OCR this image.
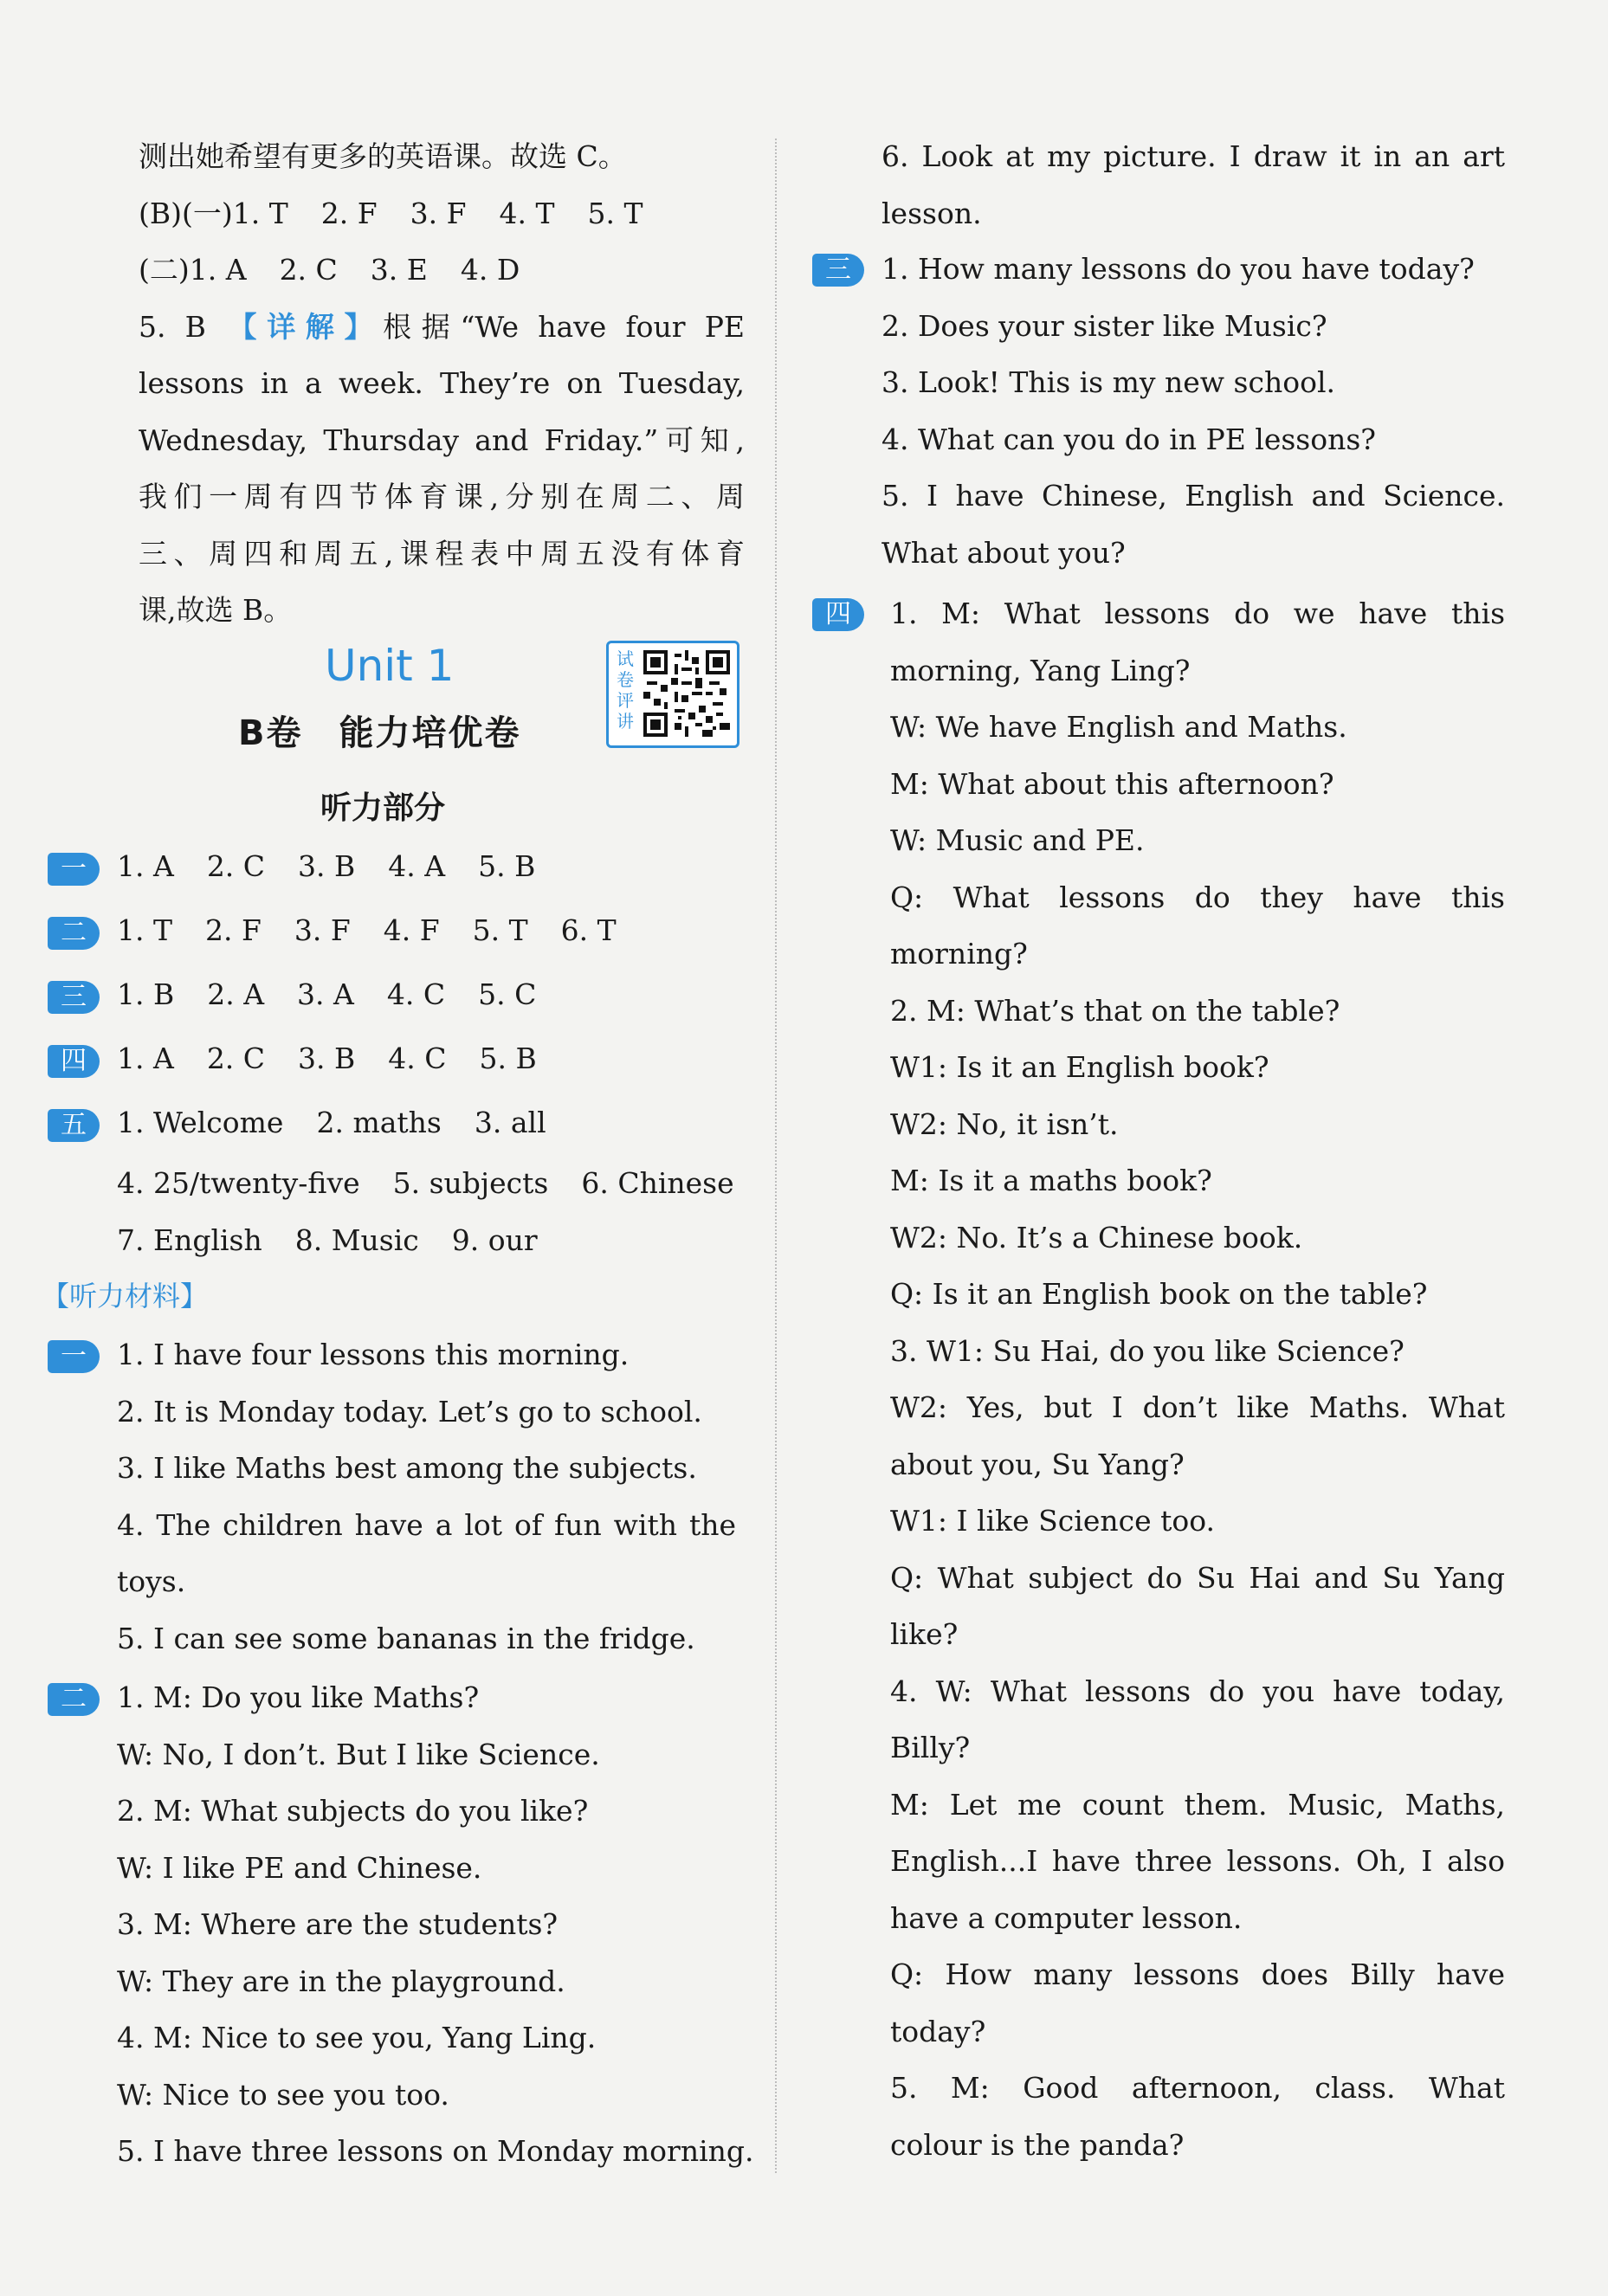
测出她希望有更多的英语课。故选 C。
(B)(一)1. T 2. F 3. F 4. T 5. T
(二)1. A 2. C 3. E 4. D
5. B 【详解】根据“We have four PE
lessons in a week. They’re on Tuesday,
Wednesday, Thursday and Friday.”可知,
我们一周有四节体育课,分别在周二、周
三、周四和周五,课程表中周五没有体育
课,故选 B。
Unit 1
B卷　能力培优卷
听力部分
试卷评讲
一	1. A 2. C 3. B 4. A 5. B
二	1. T 2. F 3. F 4. F 5. T 6. T
三	1. B 2. A 3. A 4. C 5. C
四	1. A 2. C 3. B 4. C 5. B
五	1. Welcome 2. maths 3. all
4. 25/twenty-five 5. subjects 6. Chinese
7. English 8. Music 9. our
【听力材料】
一	1. I have four lessons this morning.
2. It is Monday today. Let’s go to school.
3. I like Maths best among the subjects.
4. The children have a lot of fun with the
toys.
5. I can see some bananas in the fridge.
二	1. M: Do you like Maths?
W: No, I don’t. But I like Science.
2. M: What subjects do you like?
W: I like PE and Chinese.
3. M: Where are the students?
W: They are in the playground.
4. M: Nice to see you, Yang Ling.
W: Nice to see you too.
5. I have three lessons on Monday morning.
6. Look at my picture. I draw it in an art
lesson.
三	1. How many lessons do you have today?
2. Does your sister like Music?
3. Look! This is my new school.
4. What can you do in PE lessons?
5. I have Chinese, English and Science.
What about you?
四	1. M: What lessons do we have this
morning, Yang Ling?
W: We have English and Maths.
M: What about this afternoon?
W: Music and PE.
Q: What lessons do they have this
morning?
2. M: What’s that on the table?
W1: Is it an English book?
W2: No, it isn’t.
M: Is it a maths book?
W2: No. It’s a Chinese book.
Q: Is it an English book on the table?
3. W1: Su Hai, do you like Science?
W2: Yes, but I don’t like Maths. What
about you, Su Yang?
W1: I like Science too.
Q: What subject do Su Hai and Su Yang
like?
4. W: What lessons do you have today,
Billy?
M: Let me count them. Music, Maths,
English...I have three lessons. Oh, I also
have a computer lesson.
Q: How many lessons does Billy have
today?
5. M: Good afternoon, class. What
colour is the panda?
